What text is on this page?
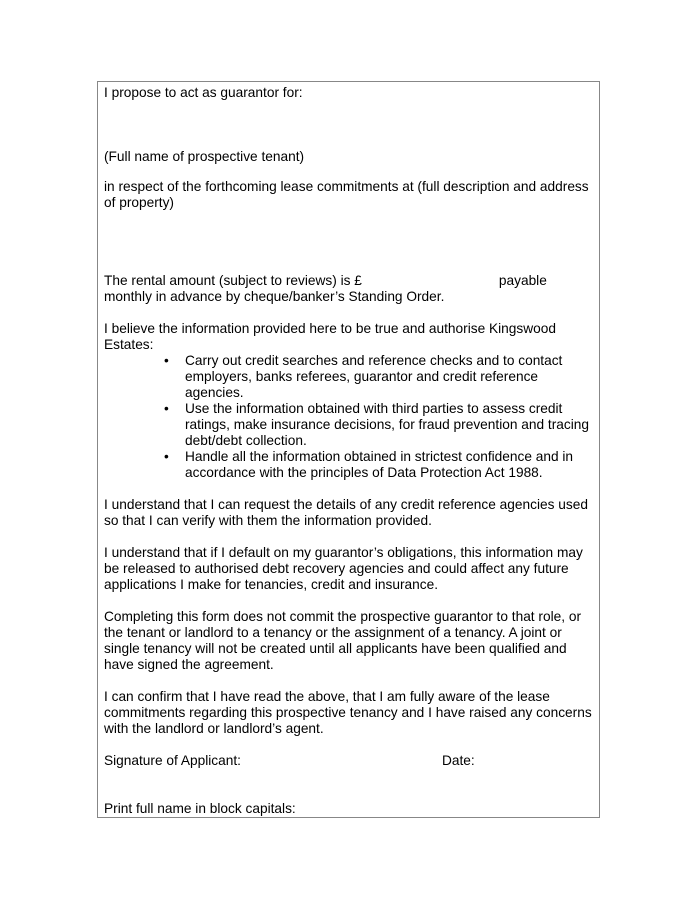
I propose to act as guarantor for:

(Full name of prospective tenant)

in respect of the forthcoming lease commitments at (full description and address of property)

The rental amount (subject to reviews) is £	payable monthly in advance by cheque/banker’s Standing Order.

I believe the information provided here to be true and authorise Kingswood Estates:

• Carry out credit searches and reference checks and to contact employers, banks referees, guarantor and credit reference agencies.
• Use the information obtained with third parties to assess credit ratings, make insurance decisions, for fraud prevention and tracing debt/debt collection.
• Handle all the information obtained in strictest confidence and in accordance with the principles of Data Protection Act 1988.

I understand that I can request the details of any credit reference agencies used so that I can verify with them the information provided.

I understand that if I default on my guarantor’s obligations, this information may be released to authorised debt recovery agencies and could affect any future applications I make for tenancies, credit and insurance.

Completing this form does not commit the prospective guarantor to that role, or the tenant or landlord to a tenancy or the assignment of a tenancy. A joint or single tenancy will not be created until all applicants have been qualified and have signed the agreement.

I can confirm that I have read the above, that I am fully aware of the lease commitments regarding this prospective tenancy and I have raised any concerns with the landlord or landlord’s agent.

Signature of Applicant:	Date:

Print full name in block capitals:
